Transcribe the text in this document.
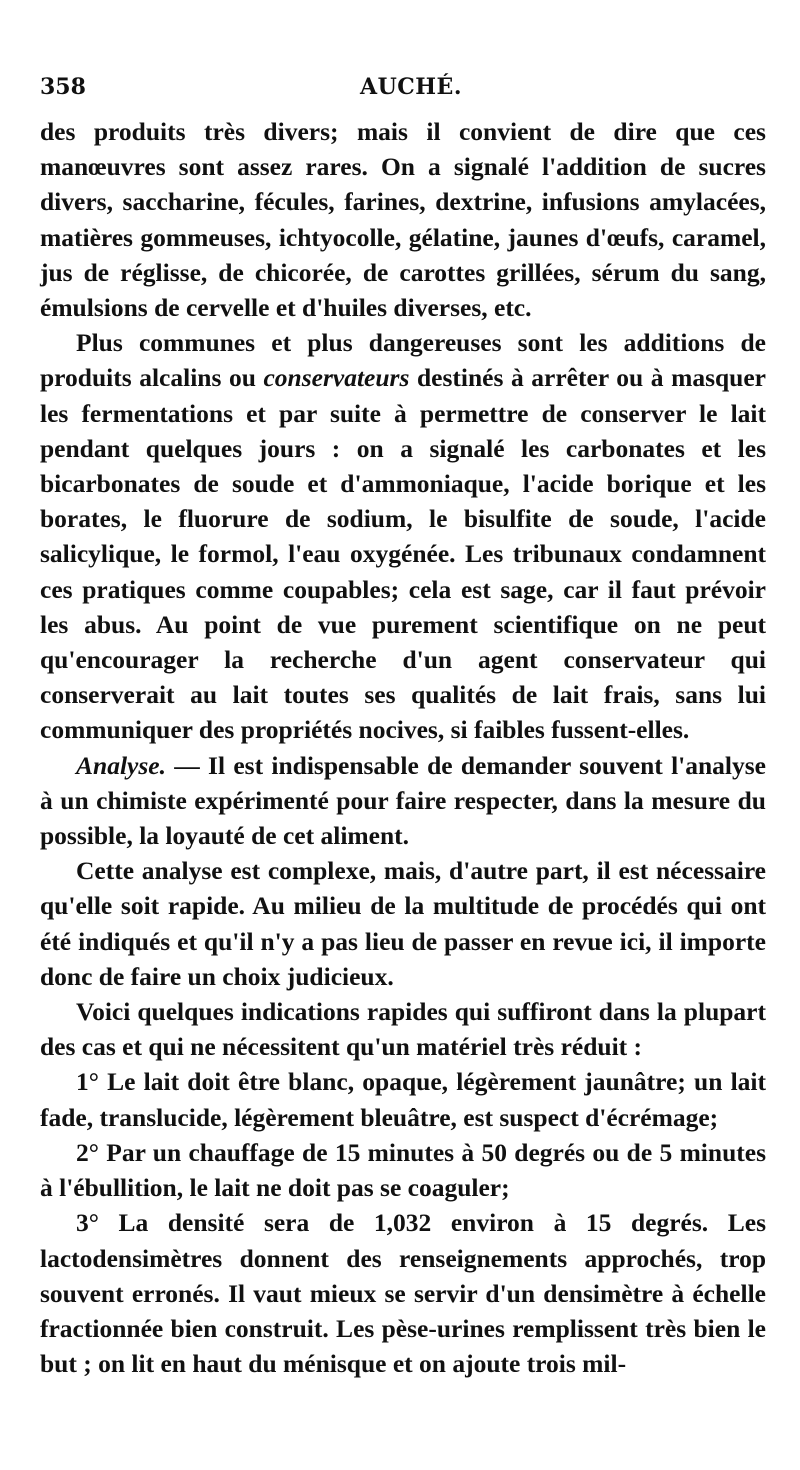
358	AUCHÉ.

des produits très divers; mais il convient de dire que ces manœuvres sont assez rares. On a signalé l'addition de sucres divers, saccharine, fécules, farines, dextrine, infusions amylacées, matières gommeuses, ichtyocolle, gélatine, jaunes d'œufs, caramel, jus de réglisse, de chicorée, de carottes grillées, sérum du sang, émulsions de cervelle et d'huiles diverses, etc.

Plus communes et plus dangereuses sont les additions de produits alcalins ou conservateurs destinés à arrêter ou à masquer les fermentations et par suite à permettre de conserver le lait pendant quelques jours : on a signalé les carbonates et les bicarbonates de soude et d'ammoniaque, l'acide borique et les borates, le fluorure de sodium, le bisulfite de soude, l'acide salicylique, le formol, l'eau oxygénée. Les tribunaux condamnent ces pratiques comme coupables; cela est sage, car il faut prévoir les abus. Au point de vue purement scientifique on ne peut qu'encourager la recherche d'un agent conservateur qui conserverait au lait toutes ses qualités de lait frais, sans lui communiquer des propriétés nocives, si faibles fussent-elles.

Analyse. — Il est indispensable de demander souvent l'analyse à un chimiste expérimenté pour faire respecter, dans la mesure du possible, la loyauté de cet aliment.

Cette analyse est complexe, mais, d'autre part, il est nécessaire qu'elle soit rapide. Au milieu de la multitude de procédés qui ont été indiqués et qu'il n'y a pas lieu de passer en revue ici, il importe donc de faire un choix judicieux.

Voici quelques indications rapides qui suffiront dans la plupart des cas et qui ne nécessitent qu'un matériel très réduit :

1° Le lait doit être blanc, opaque, légèrement jaunâtre; un lait fade, translucide, légèrement bleuâtre, est suspect d'écrémage;

2° Par un chauffage de 15 minutes à 50 degrés ou de 5 minutes à l'ébullition, le lait ne doit pas se coaguler;

3° La densité sera de 1,032 environ à 15 degrés. Les lactodensimètres donnent des renseignements approchés, trop souvent erronés. Il vaut mieux se servir d'un densimètre à échelle fractionnée bien construit. Les pèse-urines remplissent très bien le but ; on lit en haut du ménisque et on ajoute trois mil-
